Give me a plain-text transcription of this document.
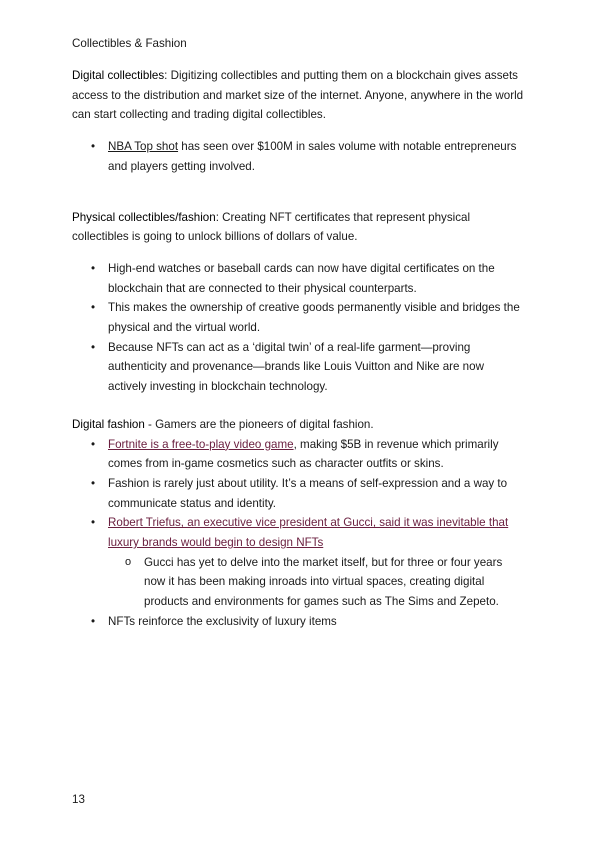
Collectibles & Fashion

Digital collectibles: Digitizing collectibles and putting them on a blockchain gives assets access to the distribution and market size of the internet. Anyone, anywhere in the world can start collecting and trading digital collectibles.

• NBA Top shot has seen over $100M in sales volume with notable entrepreneurs and players getting involved.

Physical collectibles/fashion: Creating NFT certificates that represent physical collectibles is going to unlock billions of dollars of value.

• High-end watches or baseball cards can now have digital certificates on the blockchain that are connected to their physical counterparts.
• This makes the ownership of creative goods permanently visible and bridges the physical and the virtual world.
• Because NFTs can act as a ‘digital twin’ of a real-life garment—proving authenticity and provenance—brands like Louis Vuitton and Nike are now actively investing in blockchain technology.

Digital fashion - Gamers are the pioneers of digital fashion.

• Fortnite is a free-to-play video game, making $5B in revenue which primarily comes from in-game cosmetics such as character outfits or skins.
• Fashion is rarely just about utility. It’s a means of self-expression and a way to communicate status and identity.
• Robert Triefus, an executive vice president at Gucci, said it was inevitable that luxury brands would begin to design NFTs
o Gucci has yet to delve into the market itself, but for three or four years now it has been making inroads into virtual spaces, creating digital products and environments for games such as The Sims and Zepeto.
• NFTs reinforce the exclusivity of luxury items
13
